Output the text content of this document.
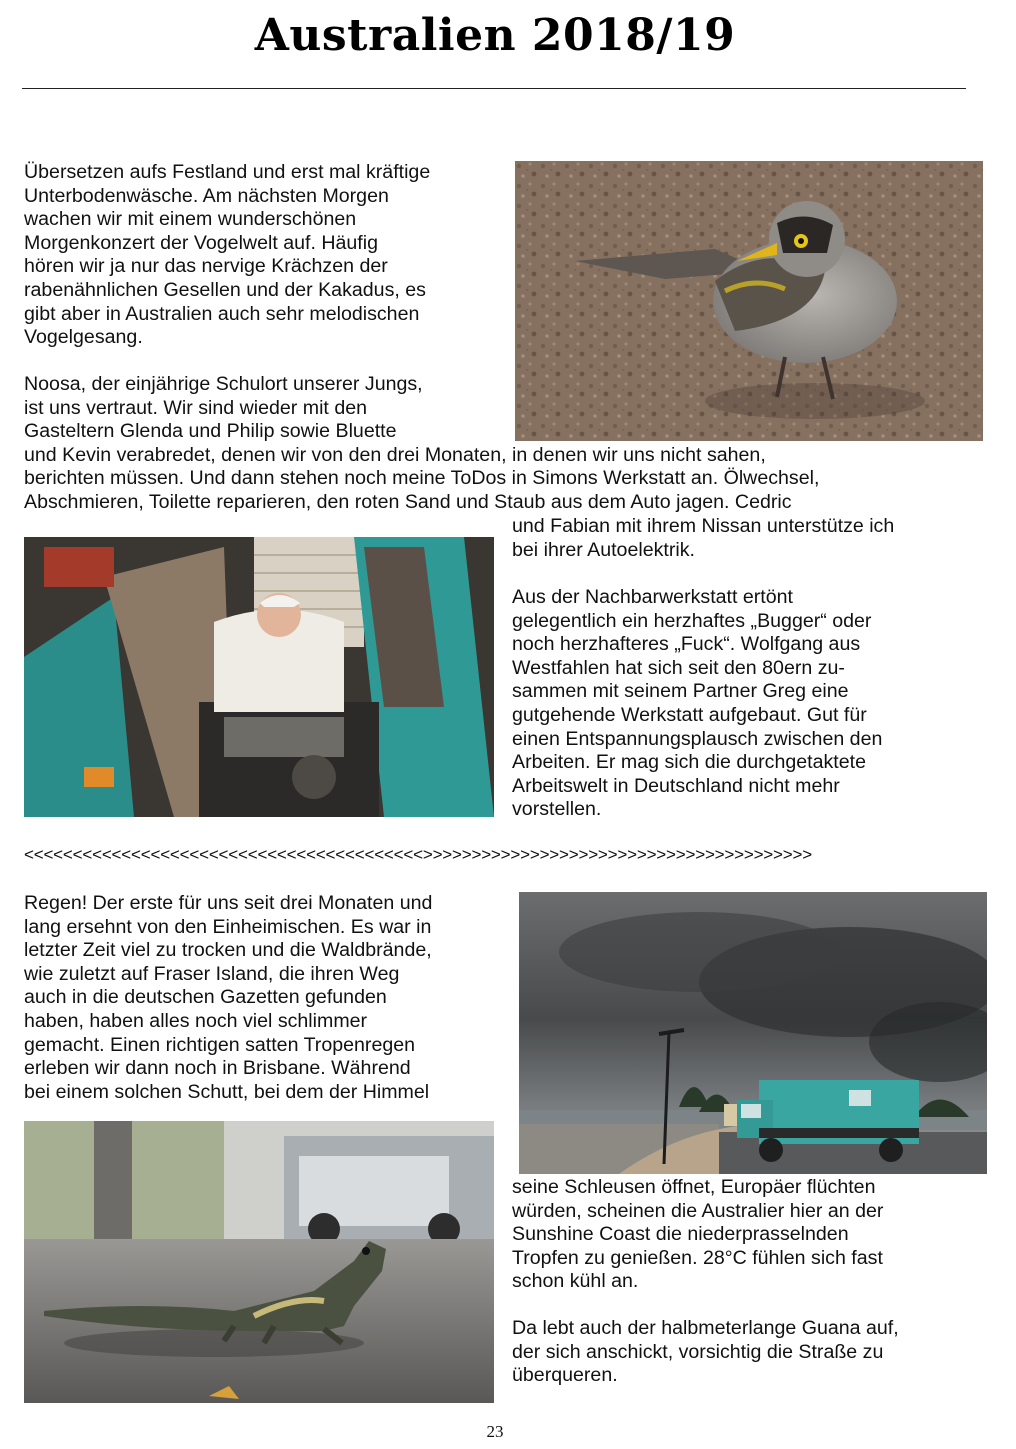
Australien 2018/19
Übersetzen aufs Festland und erst mal kräftige
Unterbodenwäsche. Am nächsten Morgen
wachen wir mit einem wunderschönen
Morgenkonzert der Vogelwelt auf. Häufig
hören wir ja nur das nervige Krächzen der
rabenähnlichen Gesellen und der Kakadus, es
gibt aber in Australien auch sehr melodischen
Vogelgesang.
Noosa, der einjährige Schulort unserer Jungs,
ist uns vertraut. Wir sind wieder mit den
Gasteltern Glenda und Philip sowie Bluette
und Kevin verabredet, denen wir von den drei Monaten, in denen wir uns nicht sahen,
berichten müssen. Und dann stehen noch meine ToDos in Simons Werkstatt an. Ölwechsel,
Abschmieren, Toilette reparieren, den roten Sand und Staub aus dem Auto jagen. Cedric
und Fabian mit ihrem Nissan unterstütze ich
bei ihrer Autoelektrik.
Aus der Nachbarwerkstatt ertönt
gelegentlich ein herzhaftes „Bugger“ oder
noch herzhafteres „Fuck“. Wolfgang aus
Westfahlen hat sich seit den 80ern zu-
sammen mit seinem Partner Greg eine
gutgehende Werkstatt aufgebaut. Gut für
einen Entspannungsplausch zwischen den
Arbeiten. Er mag sich die durchgetaktete
Arbeitswelt in Deutschland nicht mehr
vorstellen.
<<<<<<<<<<<<<<<<<<<<<<<<<<<<<<<<<<<<<<<<<>>>>>>>>>>>>>>>>>>>>>>>>>>>>>>>>>>>>>>>>
Regen! Der erste für uns seit drei Monaten und
lang ersehnt von den Einheimischen. Es war in
letzter Zeit viel zu trocken und die Waldbrände,
wie zuletzt auf Fraser Island, die ihren Weg
auch in die deutschen Gazetten gefunden
haben, haben alles noch viel schlimmer
gemacht. Einen richtigen satten Tropenregen
erleben wir dann noch in Brisbane. Während
bei einem solchen Schutt, bei dem der Himmel
seine Schleusen öffnet, Europäer flüchten
würden, scheinen die Australier hier an der
Sunshine Coast die niederprasselnden
Tropfen zu genießen. 28°C fühlen sich fast
schon kühl an.
Da lebt auch der halbmeterlange Guana auf,
der sich anschickt, vorsichtig die Straße zu
überqueren.
23
